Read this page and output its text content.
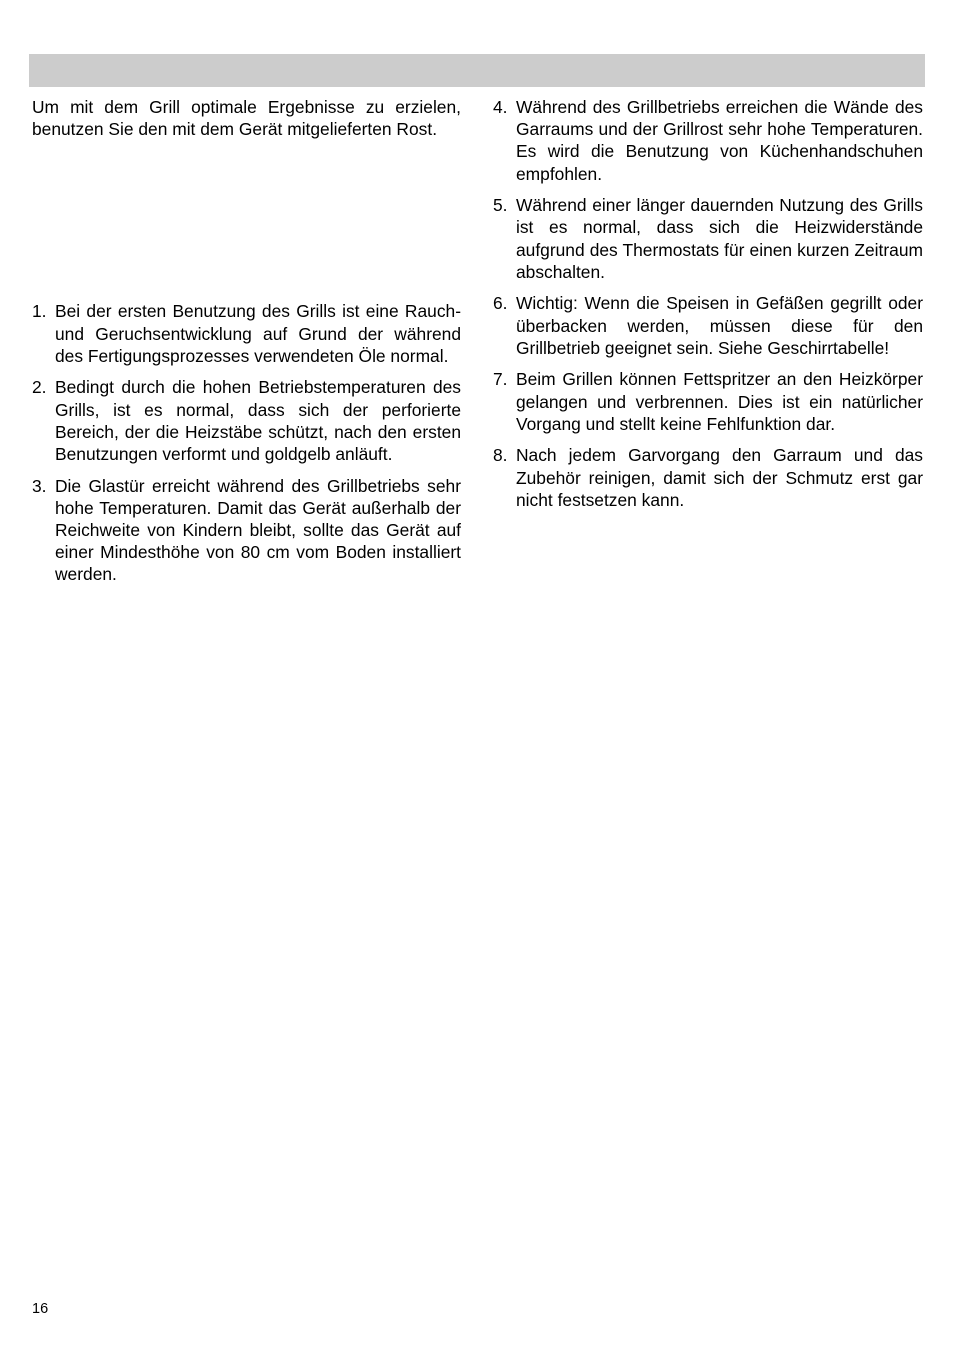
Um mit dem Grill optimale Ergebnisse zu erzielen, benutzen Sie den mit dem Gerät mitgelieferten Rost.

1. Bei der ersten Benutzung des Grills ist eine Rauch- und Geruchsentwicklung auf Grund der während des Fertigungsprozesses verwendeten Öle normal.
2. Bedingt durch die hohen Betriebstemperaturen des Grills, ist es normal, dass sich der perforierte Bereich, der die Heizstäbe schützt, nach den ersten Benutzungen verformt und goldgelb anläuft.
3. Die Glastür erreicht während des Grillbetriebs sehr hohe Temperaturen. Damit das Gerät außerhalb der Reichweite von Kindern bleibt, sollte das Gerät auf einer Mindesthöhe von 80 cm vom Boden installiert werden.
4. Während des Grillbetriebs erreichen die Wände des Garraums und der Grillrost sehr hohe Temperaturen. Es wird die Benutzung von Küchenhandschuhen empfohlen.
5. Während einer länger dauernden Nutzung des Grills ist es normal, dass sich die Heizwiderstände aufgrund des Thermostats für einen kurzen Zeitraum abschalten.
6. Wichtig: Wenn die Speisen in Gefäßen gegrillt oder überbacken werden, müssen diese für den Grillbetrieb geeignet sein. Siehe Geschirrtabelle!
7. Beim Grillen können Fettspritzer an den Heizkörper gelangen und verbrennen. Dies ist ein natürlicher Vorgang und stellt keine Fehlfunktion dar.
8. Nach jedem Garvorgang den Garraum und das Zubehör reinigen, damit sich der Schmutz erst gar nicht festsetzen kann.
16
